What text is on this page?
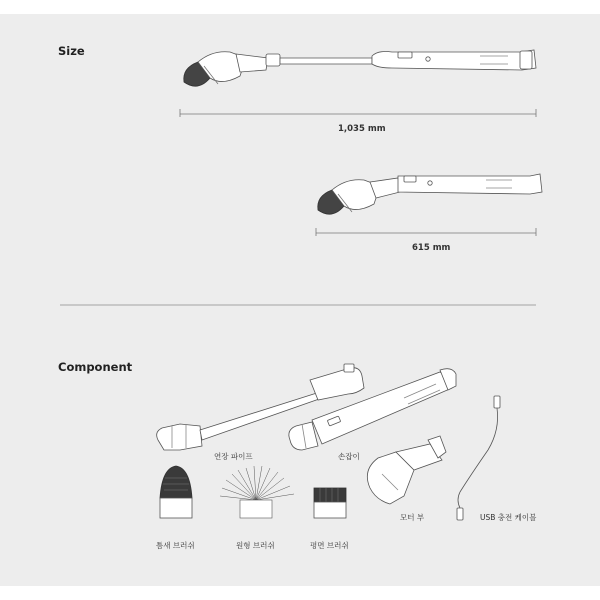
Size
1,035 mm
615 mm
Component
연장 파이프	손잡이
모터 부	USB 충전 케이블
틈새 브러쉬	원형 브러쉬	평면 브러쉬
